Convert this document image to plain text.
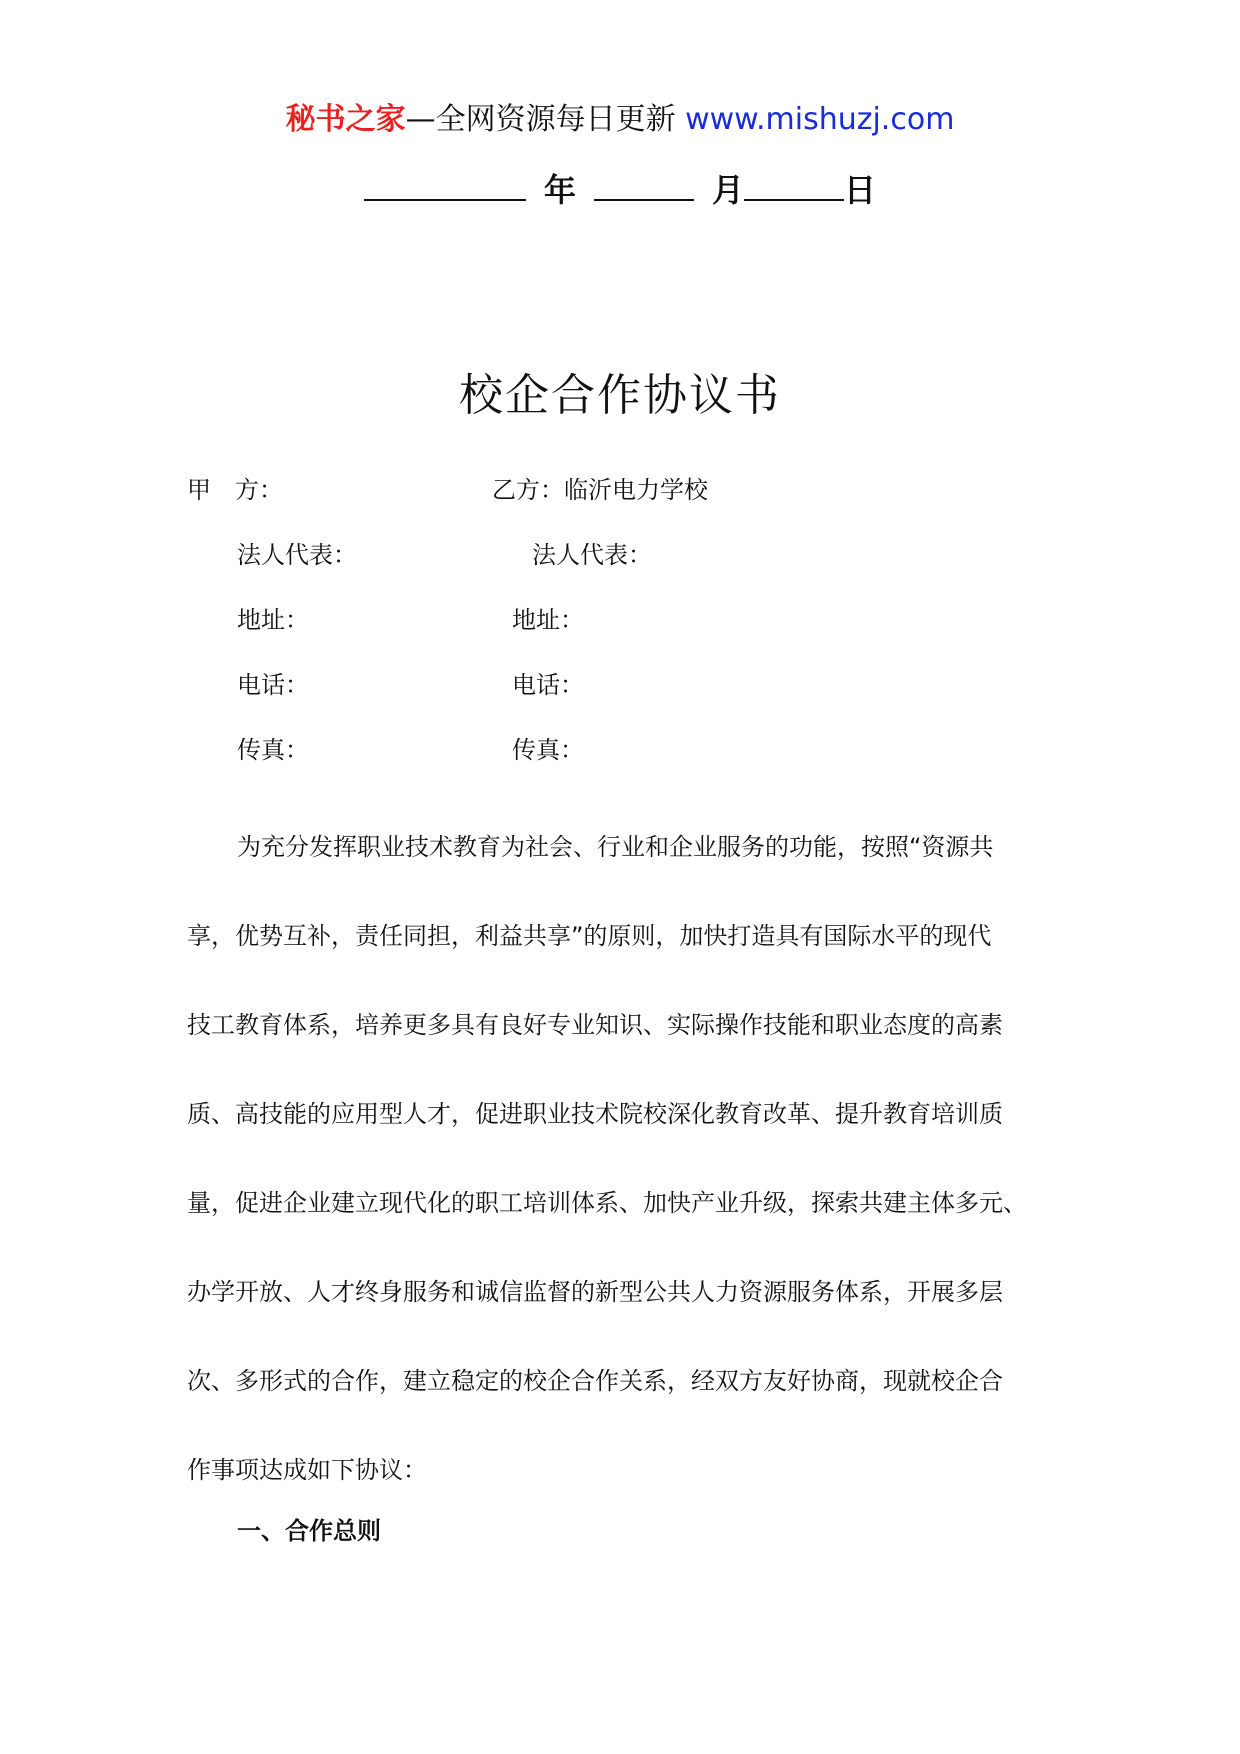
秘书之家—全网资源每日更新 www.mishuzj.com
年	月	日
校企合作协议书
甲　方：
法人代表：
地址：
电话：
传真：
乙方：临沂电力学校
法人代表：
地址：
电话：
传真：
为充分发挥职业技术教育为社会、行业和企业服务的功能，按照“资源共
享，优势互补，责任同担，利益共享”的原则，加快打造具有国际水平的现代
技工教育体系，培养更多具有良好专业知识、实际操作技能和职业态度的高素
质、高技能的应用型人才，促进职业技术院校深化教育改革、提升教育培训质
量，促进企业建立现代化的职工培训体系、加快产业升级，探索共建主体多元、
办学开放、人才终身服务和诚信监督的新型公共人力资源服务体系，开展多层
次、多形式的合作，建立稳定的校企合作关系，经双方友好协商，现就校企合
作事项达成如下协议：
一、合作总则
